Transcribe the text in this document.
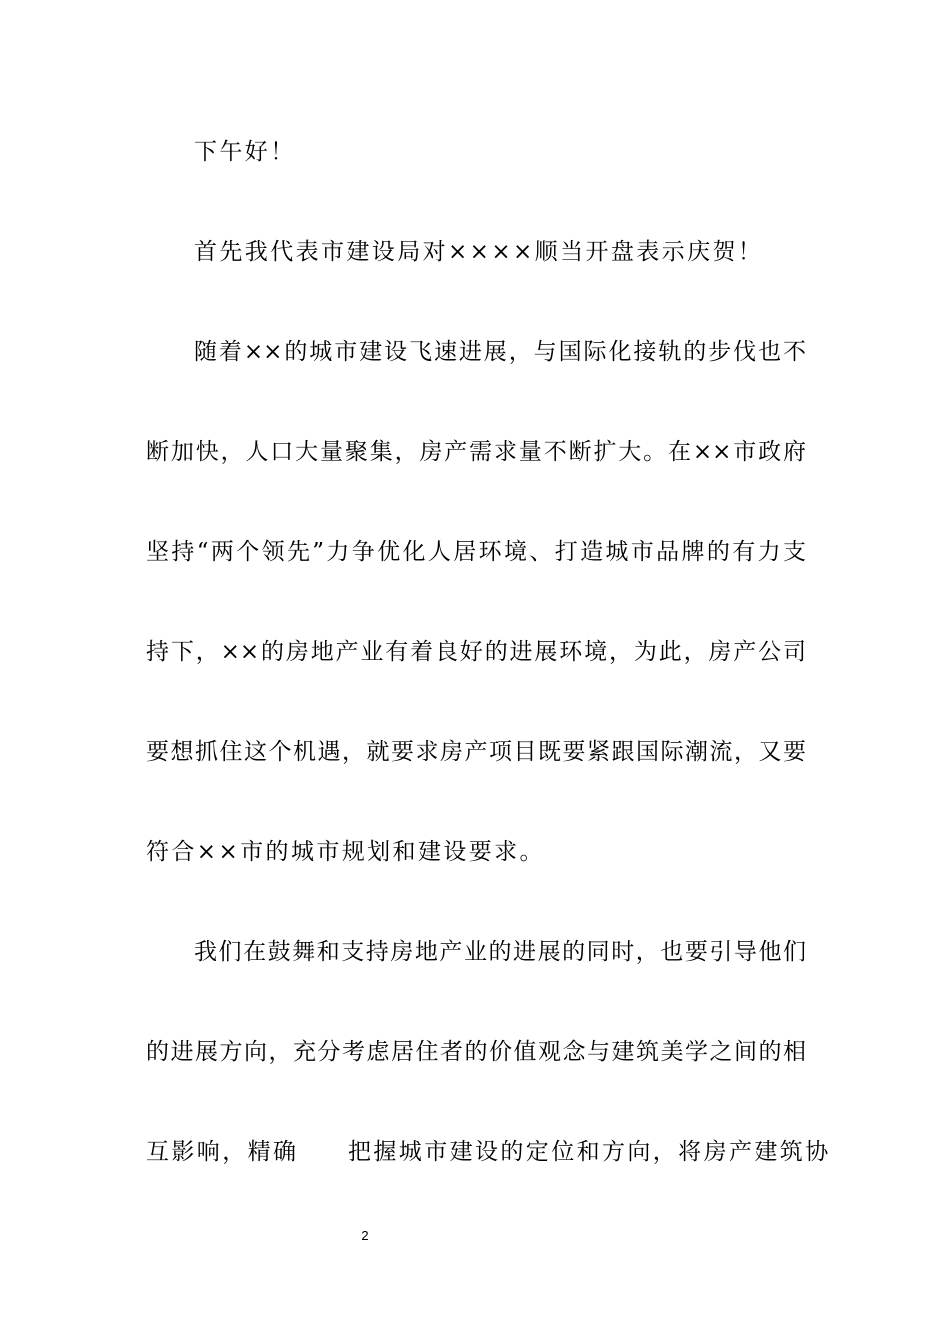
下午好！
首先我代表市建设局对××××顺当开盘表示庆贺！
随着××的城市建设飞速进展，与国际化接轨的步伐也不
断加快，人口大量聚集，房产需求量不断扩大。在××市政府
坚持“两个领先”力争优化人居环境、打造城市品牌的有力支
持下，××的房地产业有着良好的进展环境，为此，房产公司
要想抓住这个机遇，就要求房产项目既要紧跟国际潮流，又要
符合××市的城市规划和建设要求。
我们在鼓舞和支持房地产业的进展的同时，也要引导他们
的进展方向，充分考虑居住者的价值观念与建筑美学之间的相
互影响，精确 把握城市建设的定位和方向，将房产建筑协
2
